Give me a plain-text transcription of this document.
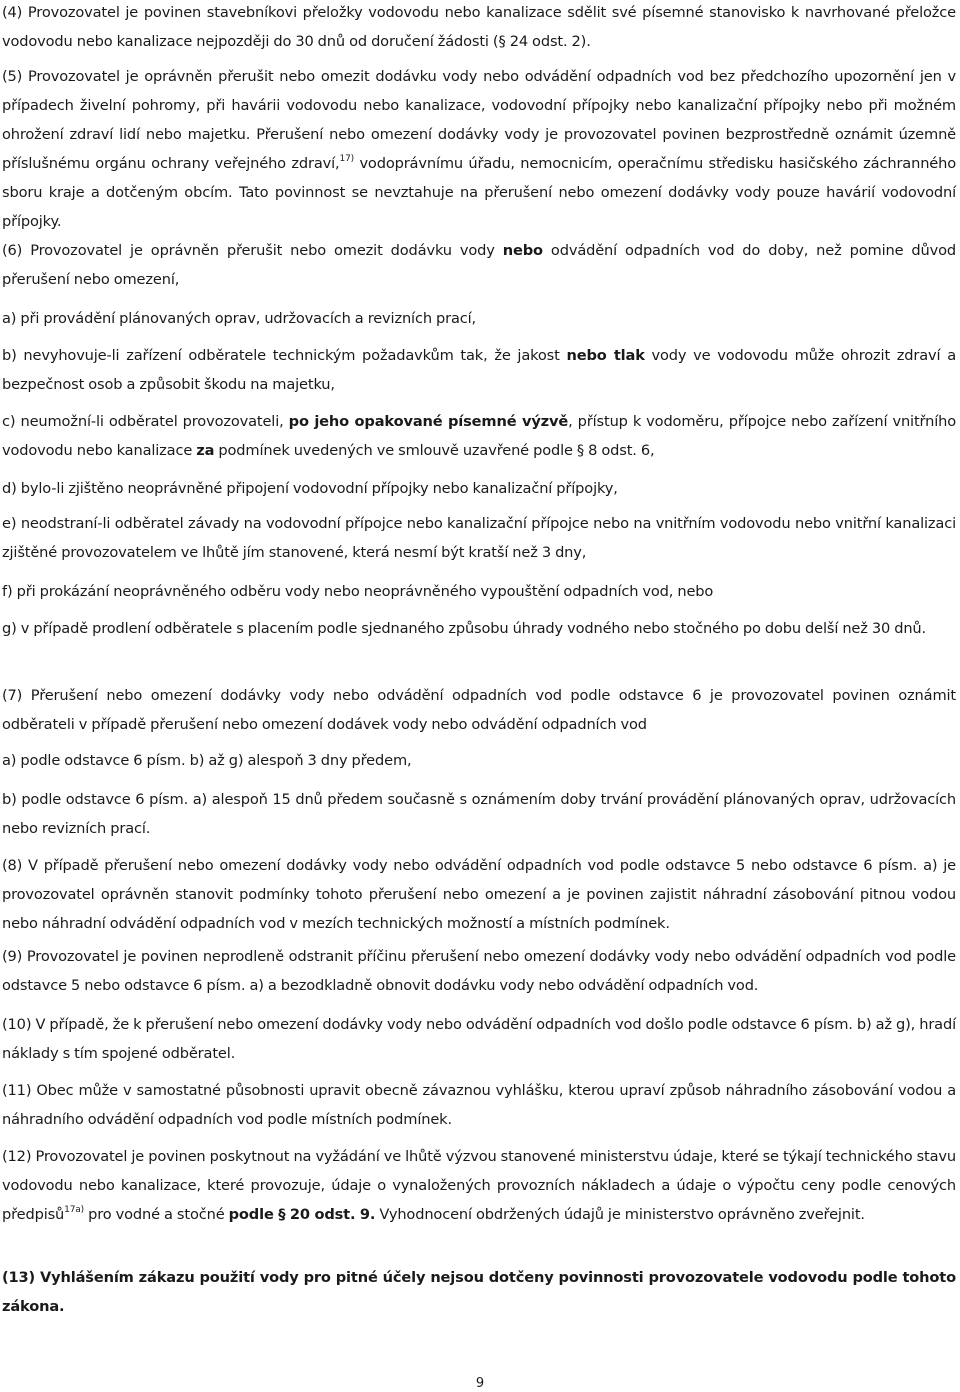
(4) Provozovatel je povinen stavebníkovi přeložky vodovodu nebo kanalizace sdělit své písemné stanovisko k navrhované přeložce vodovodu nebo kanalizace nejpozději do 30 dnů od doručení žádosti (§ 24 odst. 2).

(5) Provozovatel je oprávněn přerušit nebo omezit dodávku vody nebo odvádění odpadních vod bez předchozího upozornění jen v případech živelní pohromy, při havárii vodovodu nebo kanalizace, vodovodní přípojky nebo kanalizační přípojky nebo při možném ohrožení zdraví lidí nebo majetku. Přerušení nebo omezení dodávky vody je provozovatel povinen bezprostředně oznámit územně příslušnému orgánu ochrany veřejného zdraví,$^{17)}$ vodoprávnímu úřadu, nemocnicím, operačnímu středisku hasičského záchranného sboru kraje a dotčeným obcím. Tato povinnost se nevztahuje na přerušení nebo omezení dodávky vody pouze havárií vodovodní přípojky.

(6) Provozovatel je oprávněn přerušit nebo omezit dodávku vody nebo odvádění odpadních vod do doby, než pomine důvod přerušení nebo omezení,

a) při provádění plánovaných oprav, udržovacích a revizních prací,

b) nevyhovuje-li zařízení odběratele technickým požadavkům tak, že jakost nebo tlak vody ve vodovodu může ohrozit zdraví a bezpečnost osob a způsobit škodu na majetku,

c) neumožní-li odběratel provozovateli, po jeho opakované písemné výzvě, přístup k vodoměru, přípojce nebo zařízení vnitřního vodovodu nebo kanalizace za podmínek uvedených ve smlouvě uzavřené podle § 8 odst. 6,

d) bylo-li zjištěno neoprávněné připojení vodovodní přípojky nebo kanalizační přípojky,

e) neodstraní-li odběratel závady na vodovodní přípojce nebo kanalizační přípojce nebo na vnitřním vodovodu nebo vnitřní kanalizaci zjištěné provozovatelem ve lhůtě jím stanovené, která nesmí být kratší než 3 dny,

f) při prokázání neoprávněného odběru vody nebo neoprávněného vypouštění odpadních vod, nebo

g) v případě prodlení odběratele s placením podle sjednaného způsobu úhrady vodného nebo stočného po dobu delší než 30 dnů.

(7) Přerušení nebo omezení dodávky vody nebo odvádění odpadních vod podle odstavce 6 je provozovatel povinen oznámit odběrateli v případě přerušení nebo omezení dodávek vody nebo odvádění odpadních vod

a) podle odstavce 6 písm. b) až g) alespoň 3 dny předem,

b) podle odstavce 6 písm. a) alespoň 15 dnů předem současně s oznámením doby trvání provádění plánovaných oprav, udržovacích nebo revizních prací.

(8) V případě přerušení nebo omezení dodávky vody nebo odvádění odpadních vod podle odstavce 5 nebo odstavce 6 písm. a) je provozovatel oprávněn stanovit podmínky tohoto přerušení nebo omezení a je povinen zajistit náhradní zásobování pitnou vodou nebo náhradní odvádění odpadních vod v mezích technických možností a místních podmínek.

(9) Provozovatel je povinen neprodleně odstranit příčinu přerušení nebo omezení dodávky vody nebo odvádění odpadních vod podle odstavce 5 nebo odstavce 6 písm. a) a bezodkladně obnovit dodávku vody nebo odvádění odpadních vod.

(10) V případě, že k přerušení nebo omezení dodávky vody nebo odvádění odpadních vod došlo podle odstavce 6 písm. b) až g), hradí náklady s tím spojené odběratel.

(11) Obec může v samostatné působnosti upravit obecně závaznou vyhlášku, kterou upraví způsob náhradního zásobování vodou a náhradního odvádění odpadních vod podle místních podmínek.

(12) Provozovatel je povinen poskytnout na vyžádání ve lhůtě výzvou stanovené ministerstvu údaje, které se týkají technického stavu vodovodu nebo kanalizace, které provozuje, údaje o vynaložených provozních nákladech a údaje o výpočtu ceny podle cenových předpisů$^{17a)}$ pro vodné a stočné podle § 20 odst. 9. Vyhodnocení obdržených údajů je ministerstvo oprávněno zveřejnit.

(13) Vyhlášením zákazu použití vody pro pitné účely nejsou dotčeny povinnosti provozovatele vodovodu podle tohoto zákona.

9
